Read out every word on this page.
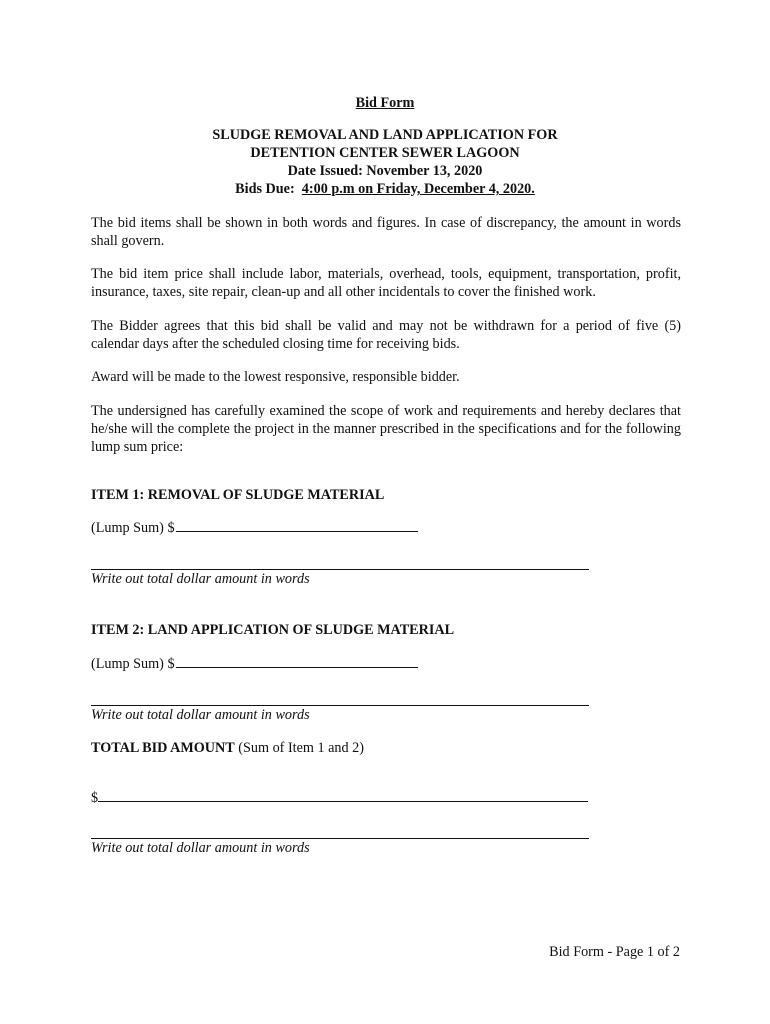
Bid Form
SLUDGE REMOVAL AND LAND APPLICATION FOR
DETENTION CENTER SEWER LAGOON
Date Issued: November 13, 2020
Bids Due:  4:00 p.m on Friday, December 4, 2020.
The bid items shall be shown in both words and figures. In case of discrepancy, the amount in words shall govern.
The bid item price shall include labor, materials, overhead, tools, equipment, transportation, profit, insurance, taxes, site repair, clean-up and all other incidentals to cover the finished work.
The Bidder agrees that this bid shall be valid and may not be withdrawn for a period of five (5) calendar days after the scheduled closing time for receiving bids.
Award will be made to the lowest responsive, responsible bidder.
The undersigned has carefully examined the scope of work and requirements and hereby declares that he/she will the complete the project in the manner prescribed in the specifications and for the following lump sum price:
ITEM 1: REMOVAL OF SLUDGE MATERIAL
(Lump Sum) $
Write out total dollar amount in words
ITEM 2: LAND APPLICATION OF SLUDGE MATERIAL
(Lump Sum) $
Write out total dollar amount in words
TOTAL BID AMOUNT (Sum of Item 1 and 2)
$
Write out total dollar amount in words
Bid Form - Page 1 of 2
